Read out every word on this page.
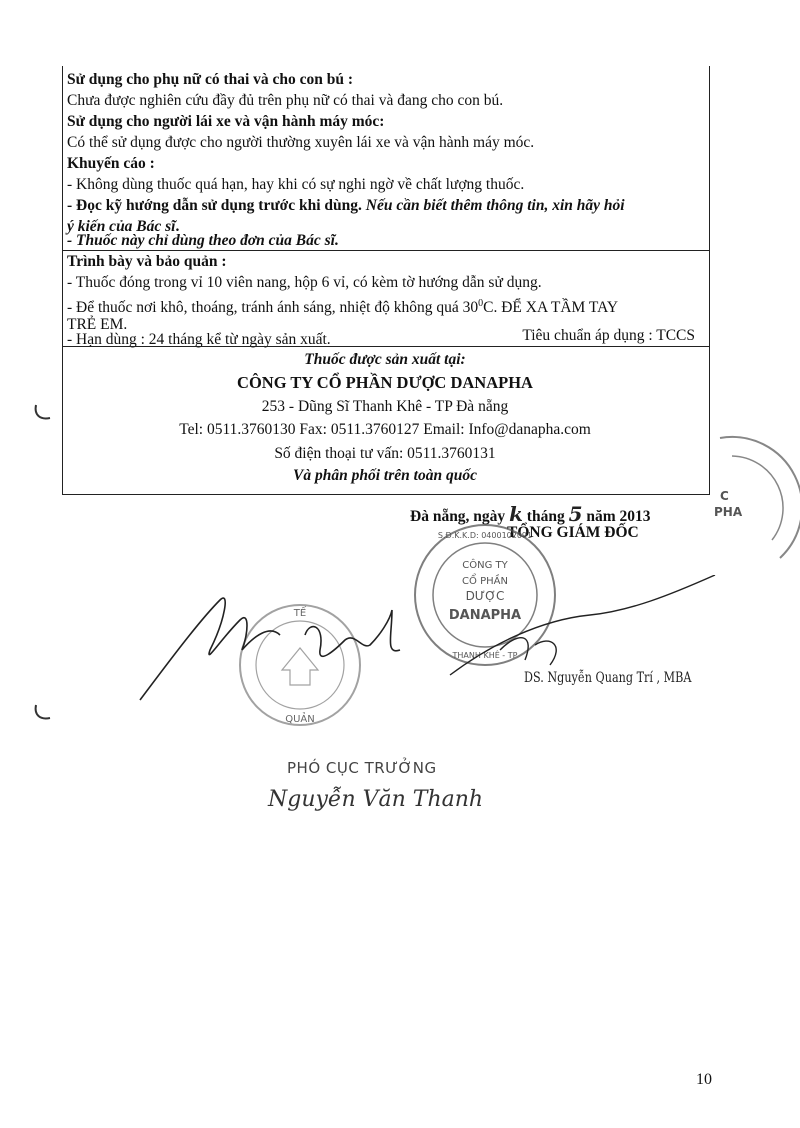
Sử dụng cho phụ nữ có thai và cho con bú :
Chưa được nghiên cứu đầy đủ trên phụ nữ có thai và đang cho con bú.
Sử dụng cho người lái xe và vận hành máy móc:
Có thể sử dụng được cho người thường xuyên lái xe và vận hành máy móc.
Khuyến cáo :
- Không dùng thuốc quá hạn, hay khi có sự nghi ngờ về chất lượng thuốc.
- Đọc kỹ hướng dẫn sử dụng trước khi dùng. Nếu cần biết thêm thông tin, xin hãy hỏi
ý kiến của Bác sĩ.
- Thuốc này chỉ dùng theo đơn của Bác sĩ.
Trình bày và bảo quản :
- Thuốc đóng trong vỉ 10 viên nang, hộp 6 vỉ, có kèm tờ hướng dẫn sử dụng.
- Để thuốc nơi khô, thoáng, tránh ánh sáng, nhiệt độ không quá $30^0C$. ĐỂ XA TẦM TAY
TRẺ EM.
- Hạn dùng : 24 tháng kể từ ngày sản xuất.	Tiêu chuẩn áp dụng : TCCS
Thuốc được sản xuất tại:
CÔNG TY CỔ PHẦN DƯỢC DANAPHA
253 - Dũng Sĩ Thanh Khê - TP Đà nẵng
Tel: 0511.3760130 Fax: 0511.3760127 Email: Info@danapha.com
Số điện thoại tư vấn: 0511.3760131
Và phân phối trên toàn quốc
Đà nẵng, ngày k tháng 5 năm 2013
TỔNG GIÁM ĐỐC
CÔNG TY
CỔ PHẦN
DƯỢC
DANAPHA
S.Đ.K.K.D: 0400102091
THANH KHÊ - TP
C
PHA
TẾ
QUẢN
DS. Nguyễn Quang Trí , MBA
PHÓ CỤC TRƯỞNG
Nguyễn Văn Thanh
10
